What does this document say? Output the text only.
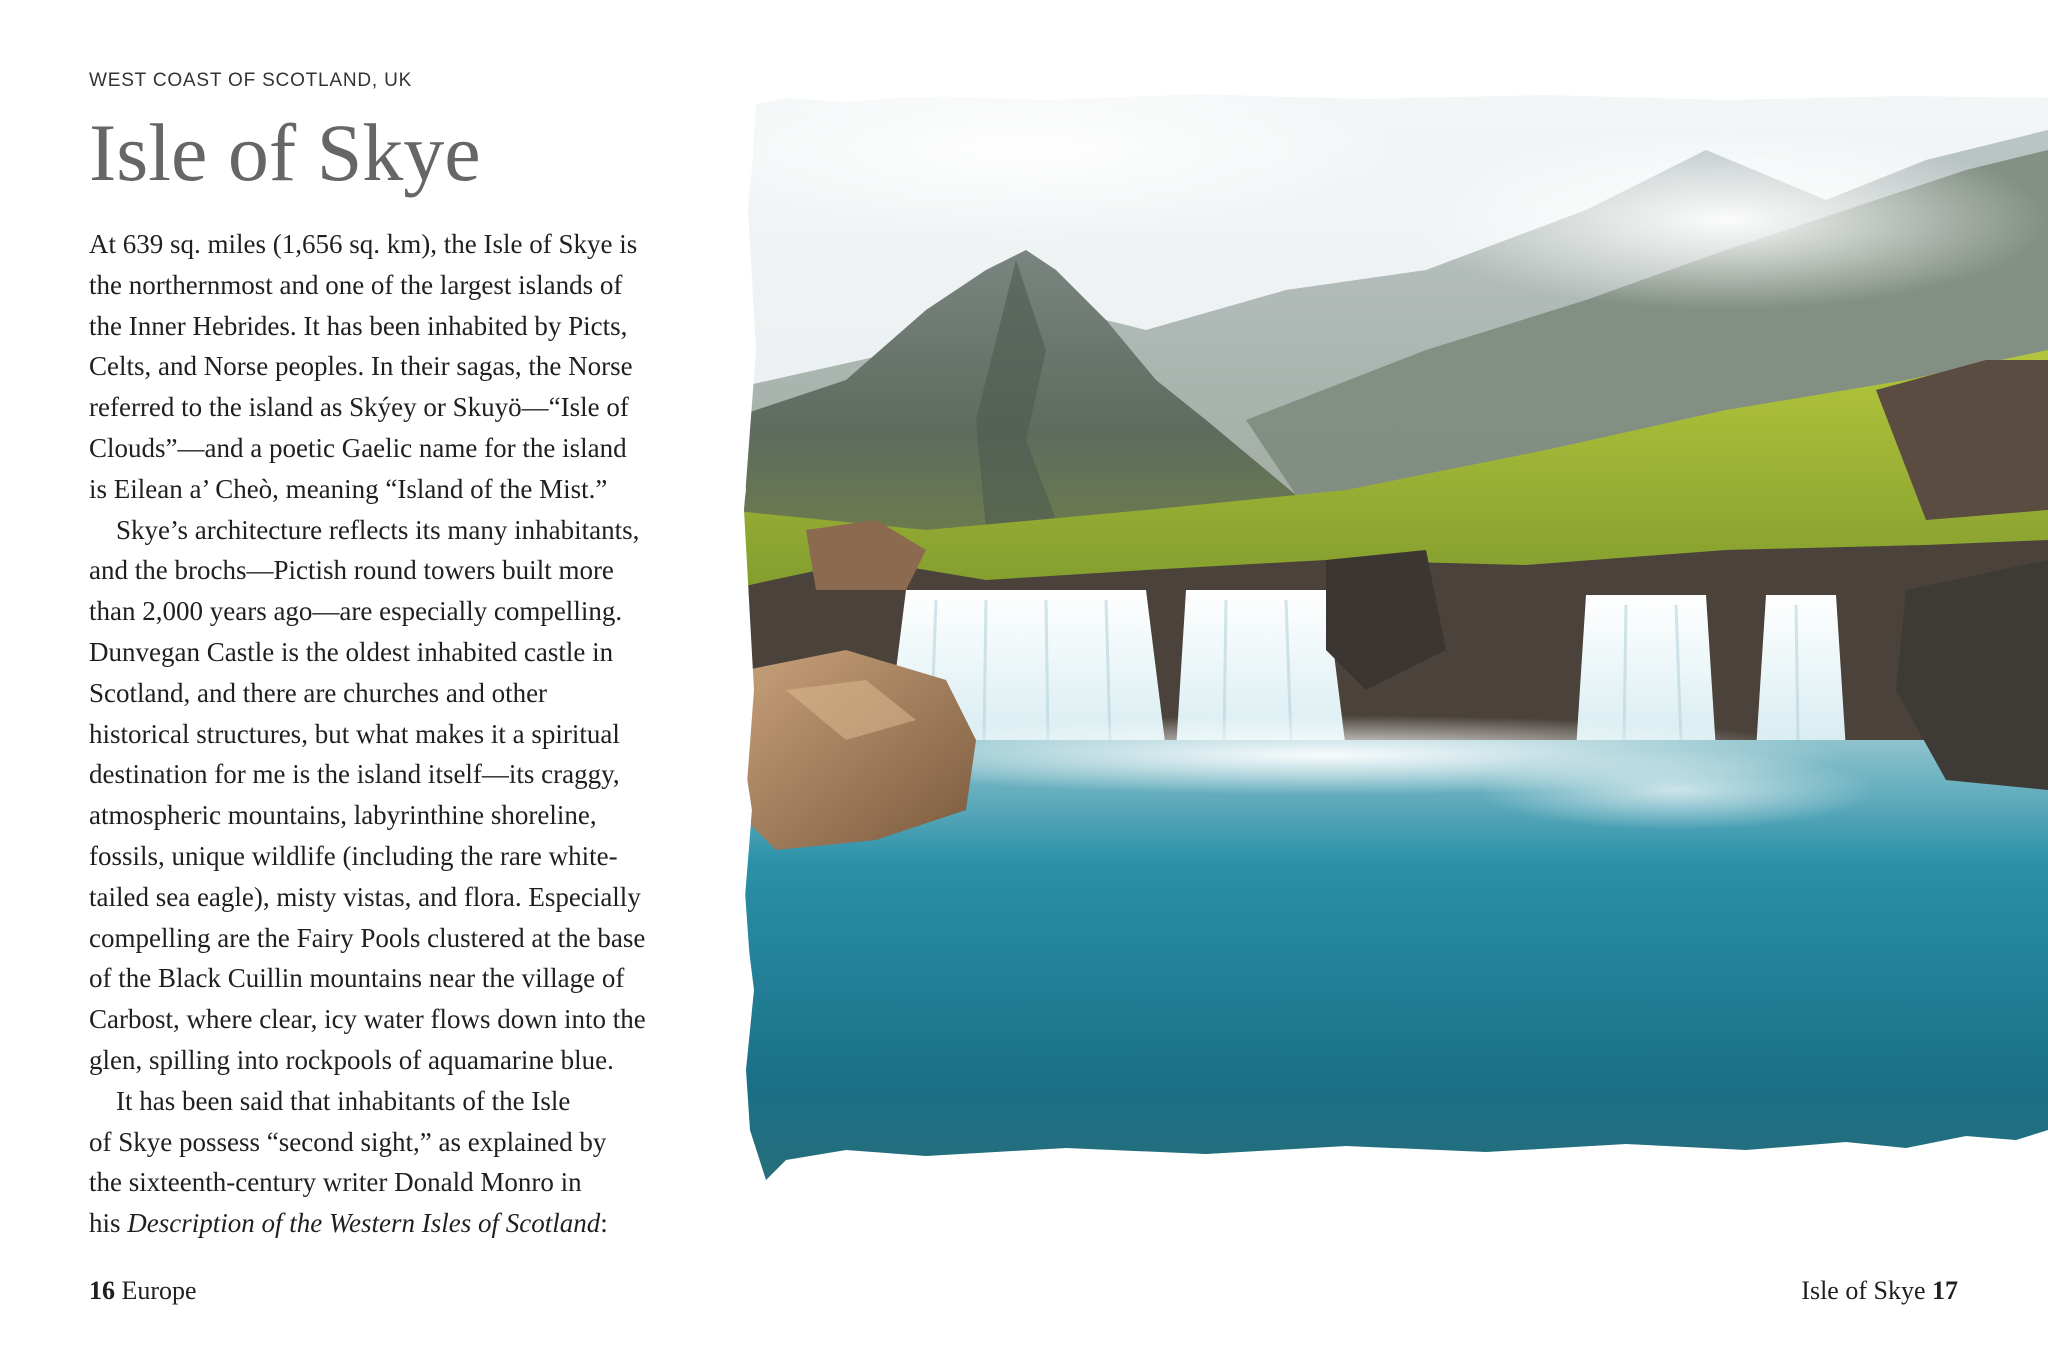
WEST COAST OF SCOTLAND, UK
Isle of Skye

At 639 sq. miles (1,656 sq. km), the Isle of Skye is
the northernmost and one of the largest islands of
the Inner Hebrides. It has been inhabited by Picts,
Celts, and Norse peoples. In their sagas, the Norse
referred to the island as Skýey or Skuyö—“Isle of
Clouds”—and a poetic Gaelic name for the island
is Eilean a’ Cheò, meaning “Island of the Mist.”

Skye’s architecture reflects its many inhabitants,
and the brochs—Pictish round towers built more
than 2,000 years ago—are especially compelling.
Dunvegan Castle is the oldest inhabited castle in
Scotland, and there are churches and other
historical structures, but what makes it a spiritual
destination for me is the island itself—its craggy,
atmospheric mountains, labyrinthine shoreline,
fossils, unique wildlife (including the rare white-
tailed sea eagle), misty vistas, and flora. Especially
compelling are the Fairy Pools clustered at the base
of the Black Cuillin mountains near the village of
Carbost, where clear, icy water flows down into the
glen, spilling into rockpools of aquamarine blue.

It has been said that inhabitants of the Isle
of Skye possess “second sight,” as explained by
the sixteenth-century writer Donald Monro in
his Description of the Western Isles of Scotland:

16 Europe	Isle of Skye 17
